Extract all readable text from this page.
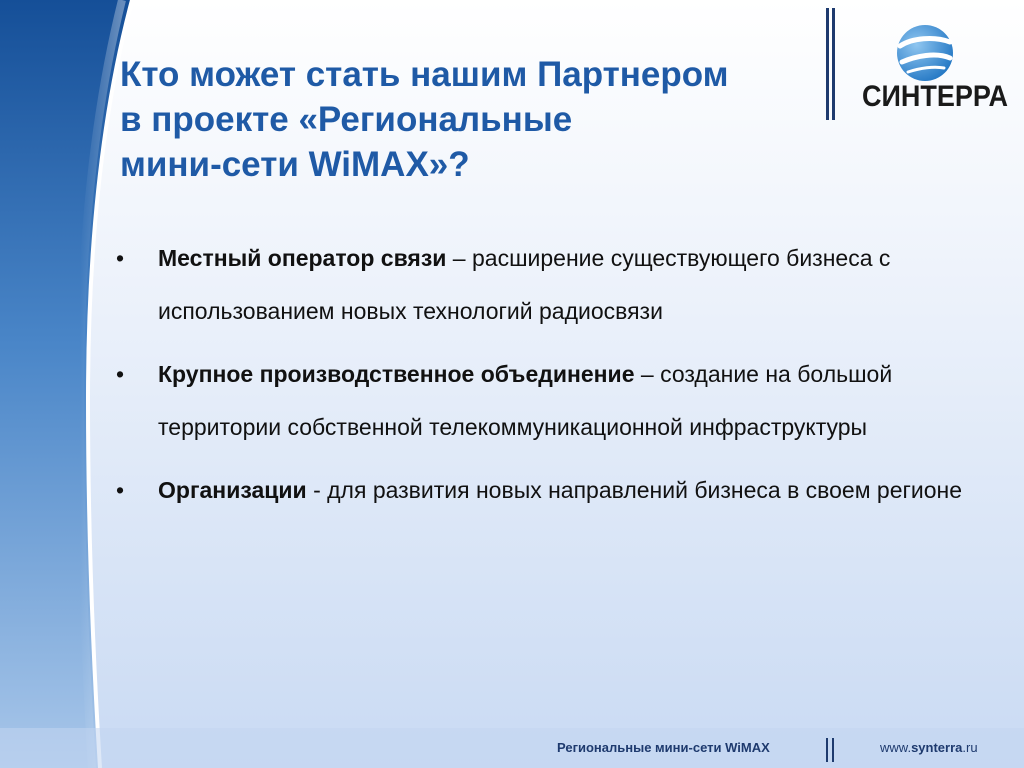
Кто может стать нашим Партнером
в проекте «Региональные
мини-сети WiMAX»?
СИНТЕРРА
• Местный оператор связи – расширение существующего бизнеса с использованием новых технологий радиосвязи
• Крупное производственное объединение – создание на большой территории собственной телекоммуникационной инфраструктуры
• Организации - для развития новых направлений бизнеса в своем регионе
Региональные мини-сети WiMAX	www.synterra.ru
